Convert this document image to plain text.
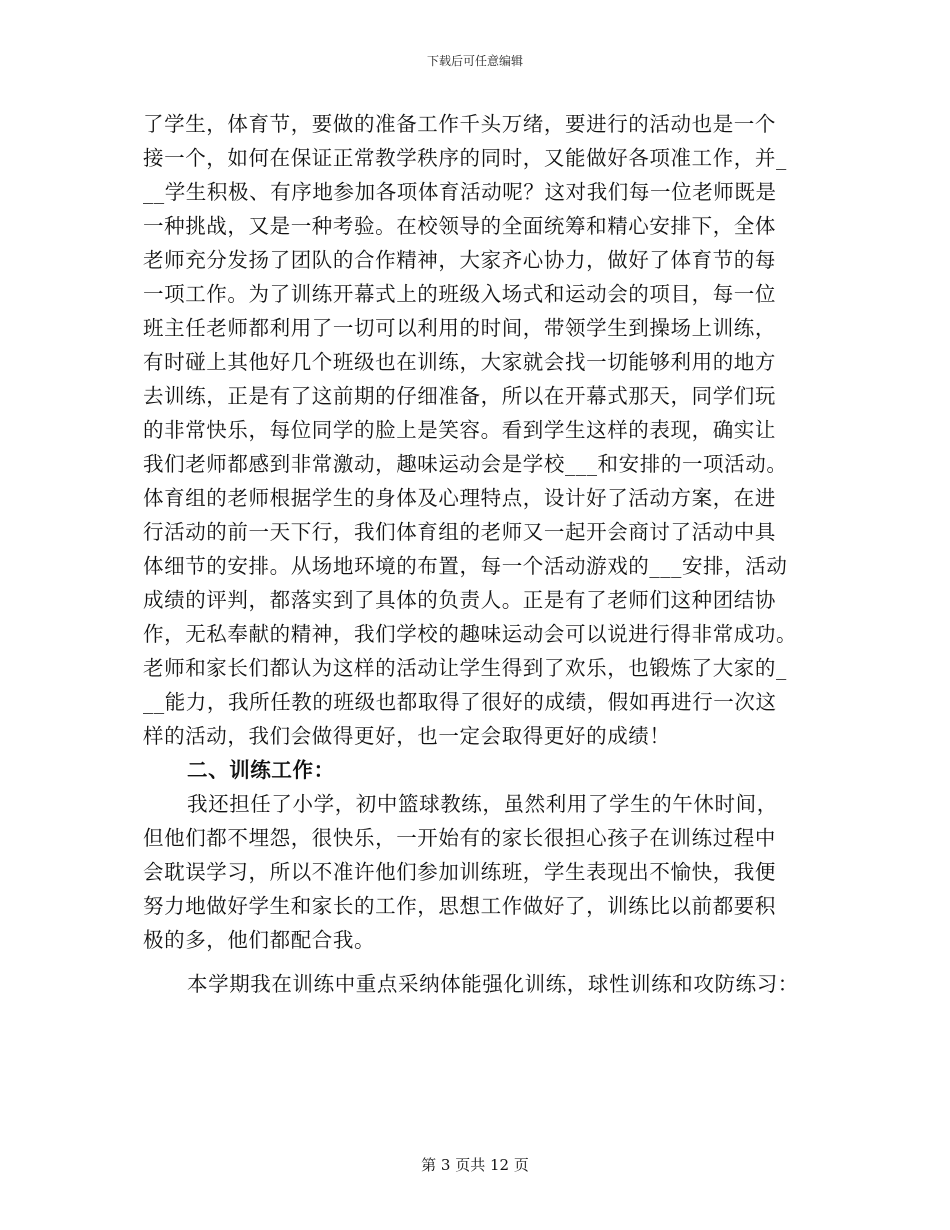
下载后可任意编辑
了学生，体育节，要做的准备工作千头万绪，要进行的活动也是一个
接一个，如何在保证正常教学秩序的同时，又能做好各项准工作，并_
__学生积极、有序地参加各项体育活动呢？这对我们每一位老师既是
一种挑战，又是一种考验。在校领导的全面统筹和精心安排下，全体
老师充分发扬了团队的合作精神，大家齐心协力，做好了体育节的每
一项工作。为了训练开幕式上的班级入场式和运动会的项目，每一位
班主任老师都利用了一切可以利用的时间，带领学生到操场上训练，
有时碰上其他好几个班级也在训练，大家就会找一切能够利用的地方
去训练，正是有了这前期的仔细准备，所以在开幕式那天，同学们玩
的非常快乐，每位同学的脸上是笑容。看到学生这样的表现，确实让
我们老师都感到非常激动，趣味运动会是学校___和安排的一项活动。
体育组的老师根据学生的身体及心理特点，设计好了活动方案，在进
行活动的前一天下行，我们体育组的老师又一起开会商讨了活动中具
体细节的安排。从场地环境的布置，每一个活动游戏的___安排，活动
成绩的评判，都落实到了具体的负责人。正是有了老师们这种团结协
作，无私奉献的精神，我们学校的趣味运动会可以说进行得非常成功。
老师和家长们都认为这样的活动让学生得到了欢乐，也锻炼了大家的_
__能力，我所任教的班级也都取得了很好的成绩，假如再进行一次这
样的活动，我们会做得更好，也一定会取得更好的成绩！
二、训练工作：
我还担任了小学，初中篮球教练，虽然利用了学生的午休时间，
但他们都不埋怨，很快乐，一开始有的家长很担心孩子在训练过程中
会耽误学习，所以不准许他们参加训练班，学生表现出不愉快，我便
努力地做好学生和家长的工作，思想工作做好了，训练比以前都要积
极的多，他们都配合我。
本学期我在训练中重点采纳体能强化训练，球性训练和攻防练习：
第 3 页共 12 页
